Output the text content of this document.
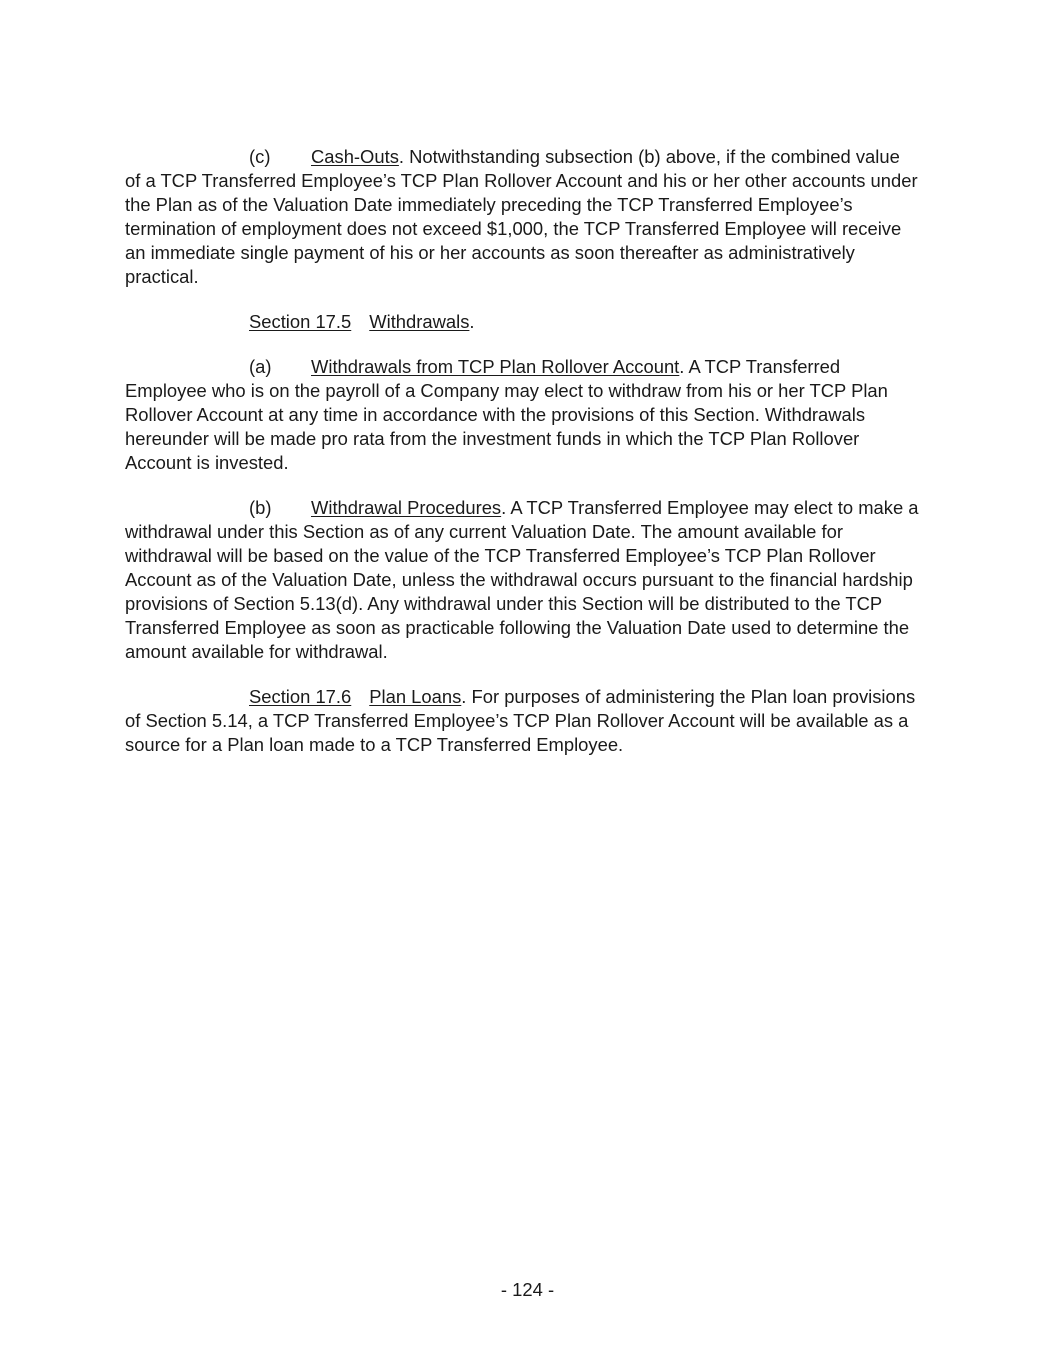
(c) Cash-Outs. Notwithstanding subsection (b) above, if the combined value of a TCP Transferred Employee’s TCP Plan Rollover Account and his or her other accounts under the Plan as of the Valuation Date immediately preceding the TCP Transferred Employee’s termination of employment does not exceed $1,000, the TCP Transferred Employee will receive an immediate single payment of his or her accounts as soon thereafter as administratively practical.

Section 17.5 Withdrawals.

(a) Withdrawals from TCP Plan Rollover Account. A TCP Transferred Employee who is on the payroll of a Company may elect to withdraw from his or her TCP Plan Rollover Account at any time in accordance with the provisions of this Section. Withdrawals hereunder will be made pro rata from the investment funds in which the TCP Plan Rollover Account is invested.

(b) Withdrawal Procedures. A TCP Transferred Employee may elect to make a withdrawal under this Section as of any current Valuation Date. The amount available for withdrawal will be based on the value of the TCP Transferred Employee’s TCP Plan Rollover Account as of the Valuation Date, unless the withdrawal occurs pursuant to the financial hardship provisions of Section 5.13(d). Any withdrawal under this Section will be distributed to the TCP Transferred Employee as soon as practicable following the Valuation Date used to determine the amount available for withdrawal.

Section 17.6 Plan Loans. For purposes of administering the Plan loan provisions of Section 5.14, a TCP Transferred Employee’s TCP Plan Rollover Account will be available as a source for a Plan loan made to a TCP Transferred Employee.

- 124 -
